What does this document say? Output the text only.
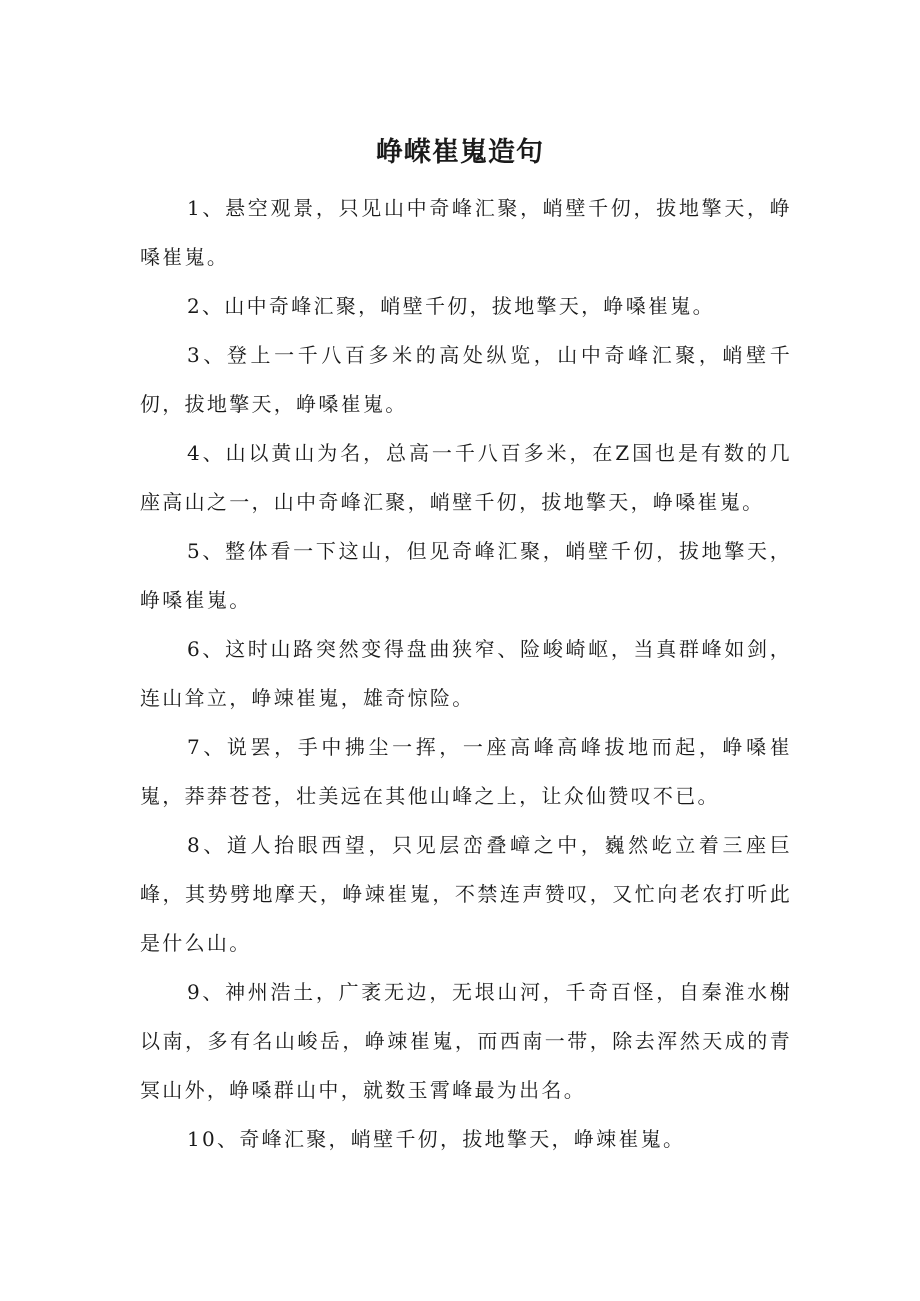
峥嵘崔嵬造句

1、悬空观景，只见山中奇峰汇聚，峭壁千仞，拔地擎天，峥嗓崔嵬。

2、山中奇峰汇聚，峭壁千仞，拔地擎天，峥嗓崔嵬。

3、登上一千八百多米的高处纵览，山中奇峰汇聚，峭壁千仞，拔地擎天，峥嗓崔嵬。

4、山以黄山为名，总高一千八百多米，在Z国也是有数的几座高山之一，山中奇峰汇聚，峭壁千仞，拔地擎天，峥嗓崔嵬。

5、整体看一下这山，但见奇峰汇聚，峭壁千仞，拔地擎天，峥嗓崔嵬。

6、这时山路突然变得盘曲狭窄、险峻崎岖，当真群峰如剑，连山耸立，峥竦崔嵬，雄奇惊险。

7、说罢，手中拂尘一挥，一座高峰高峰拔地而起，峥嗓崔嵬，莽莽苍苍，壮美远在其他山峰之上，让众仙赞叹不已。

8、道人抬眼西望，只见层峦叠嶂之中，巍然屹立着三座巨峰，其势劈地摩天，峥竦崔嵬，不禁连声赞叹，又忙向老农打听此是什么山。

9、神州浩土，广袤无边，无垠山河，千奇百怪，自秦淮水榭以南，多有名山峻岳，峥竦崔嵬，而西南一带，除去浑然天成的青冥山外，峥嗓群山中，就数玉霄峰最为出名。

10、奇峰汇聚，峭壁千仞，拔地擎天，峥竦崔嵬。
